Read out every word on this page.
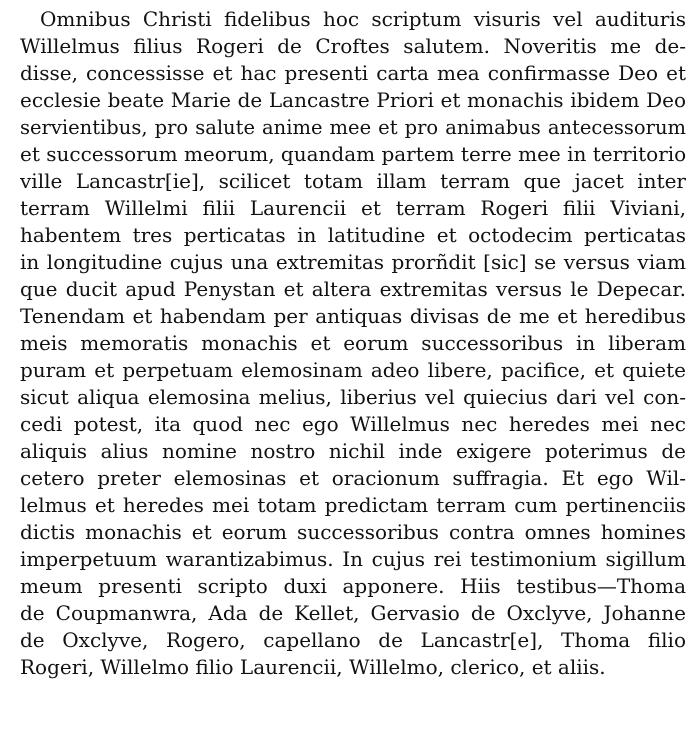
Omnibus Christi fidelibus hoc scriptum visuris vel audituris
Willelmus filius Rogeri de Croftes salutem. Noveritis me de-
disse, concessisse et hac presenti carta mea confirmasse Deo et
ecclesie beate Marie de Lancastre Priori et monachis ibidem Deo
servientibus, pro salute anime mee et pro animabus antecessorum
et successorum meorum, quandam partem terre mee in territorio
ville Lancastr[ie], scilicet totam illam terram que jacet inter
terram Willelmi filii Laurencii et terram Rogeri filii Viviani,
habentem tres perticatas in latitudine et octodecim perticatas
in longitudine cujus una extremitas prorñdit [sic] se versus viam
que ducit apud Penystan et altera extremitas versus le Depecar.
Tenendam et habendam per antiquas divisas de me et heredibus
meis memoratis monachis et eorum successoribus in liberam
puram et perpetuam elemosinam adeo libere, pacifice, et quiete
sicut aliqua elemosina melius, liberius vel quiecius dari vel con-
cedi potest, ita quod nec ego Willelmus nec heredes mei nec
aliquis alius nomine nostro nichil inde exigere poterimus de
cetero preter elemosinas et oracionum suffragia. Et ego Wil-
lelmus et heredes mei totam predictam terram cum pertinenciis
dictis monachis et eorum successoribus contra omnes homines
imperpetuum warantizabimus. In cujus rei testimonium sigillum
meum presenti scripto duxi apponere. Hiis testibus—Thoma
de Coupmanwra, Ada de Kellet, Gervasio de Oxclyve, Johanne
de Oxclyve, Rogero, capellano de Lancastr[e], Thoma filio
Rogeri, Willelmo filio Laurencii, Willelmo, clerico, et aliis.
